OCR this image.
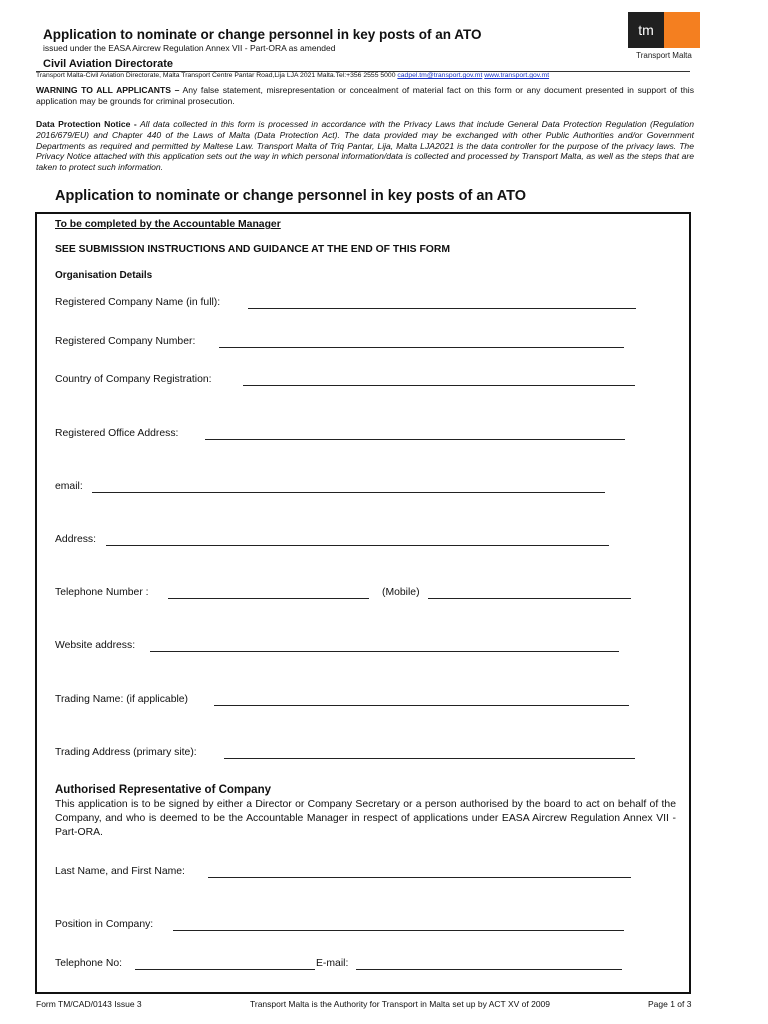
Application to nominate or change personnel in key posts of an ATO
issued under the EASA Aircrew Regulation Annex VII - Part-ORA as amended
Civil Aviation Directorate
Transport Malta-Civil Aviation Directorate, Malta Transport Centre Pantar Road,Lija LJA 2021 Malta.Tel:+356 2555 5000 cadpel.tm@transport.gov.mt www.transport.gov.mt
tm
Transport Malta
WARNING TO ALL APPLICANTS – Any false statement, misrepresentation or concealment of material fact on this form or any document presented in support of this application may be grounds for criminal prosecution.
Data Protection Notice - All data collected in this form is processed in accordance with the Privacy Laws that include General Data Protection Regulation (Regulation 2016/679/EU) and Chapter 440 of the Laws of Malta (Data Protection Act). The data provided may be exchanged with other Public Authorities and/or Government Departments as required and permitted by Maltese Law. Transport Malta of Triq Pantar, Lija, Malta LJA2021 is the data controller for the purpose of the privacy laws. The Privacy Notice attached with this application sets out the way in which personal information/data is collected and processed by Transport Malta, as well as the steps that are taken to protect such information.
Application to nominate or change personnel in key posts of an ATO
To be completed by the Accountable Manager
SEE SUBMISSION INSTRUCTIONS AND GUIDANCE AT THE END OF THIS FORM
Organisation Details
Registered Company Name (in full):
Registered Company Number:
Country of Company Registration:
Registered Office Address:
email:
Address:
Telephone Number :	(Mobile)
Website address:
Trading Name: (if applicable)
Trading Address (primary site):
Authorised Representative of Company
This application is to be signed by either a Director or Company Secretary or a person authorised by the board to act on behalf of the Company, and who is deemed to be the Accountable Manager in respect of applications under EASA Aircrew Regulation Annex VII - Part-ORA.
Last Name, and First Name:
Position in Company:
Telephone No:	E-mail:
Form TM/CAD/0143 Issue 3	Transport Malta is the Authority for Transport in Malta set up by ACT XV of 2009	Page 1 of 3
